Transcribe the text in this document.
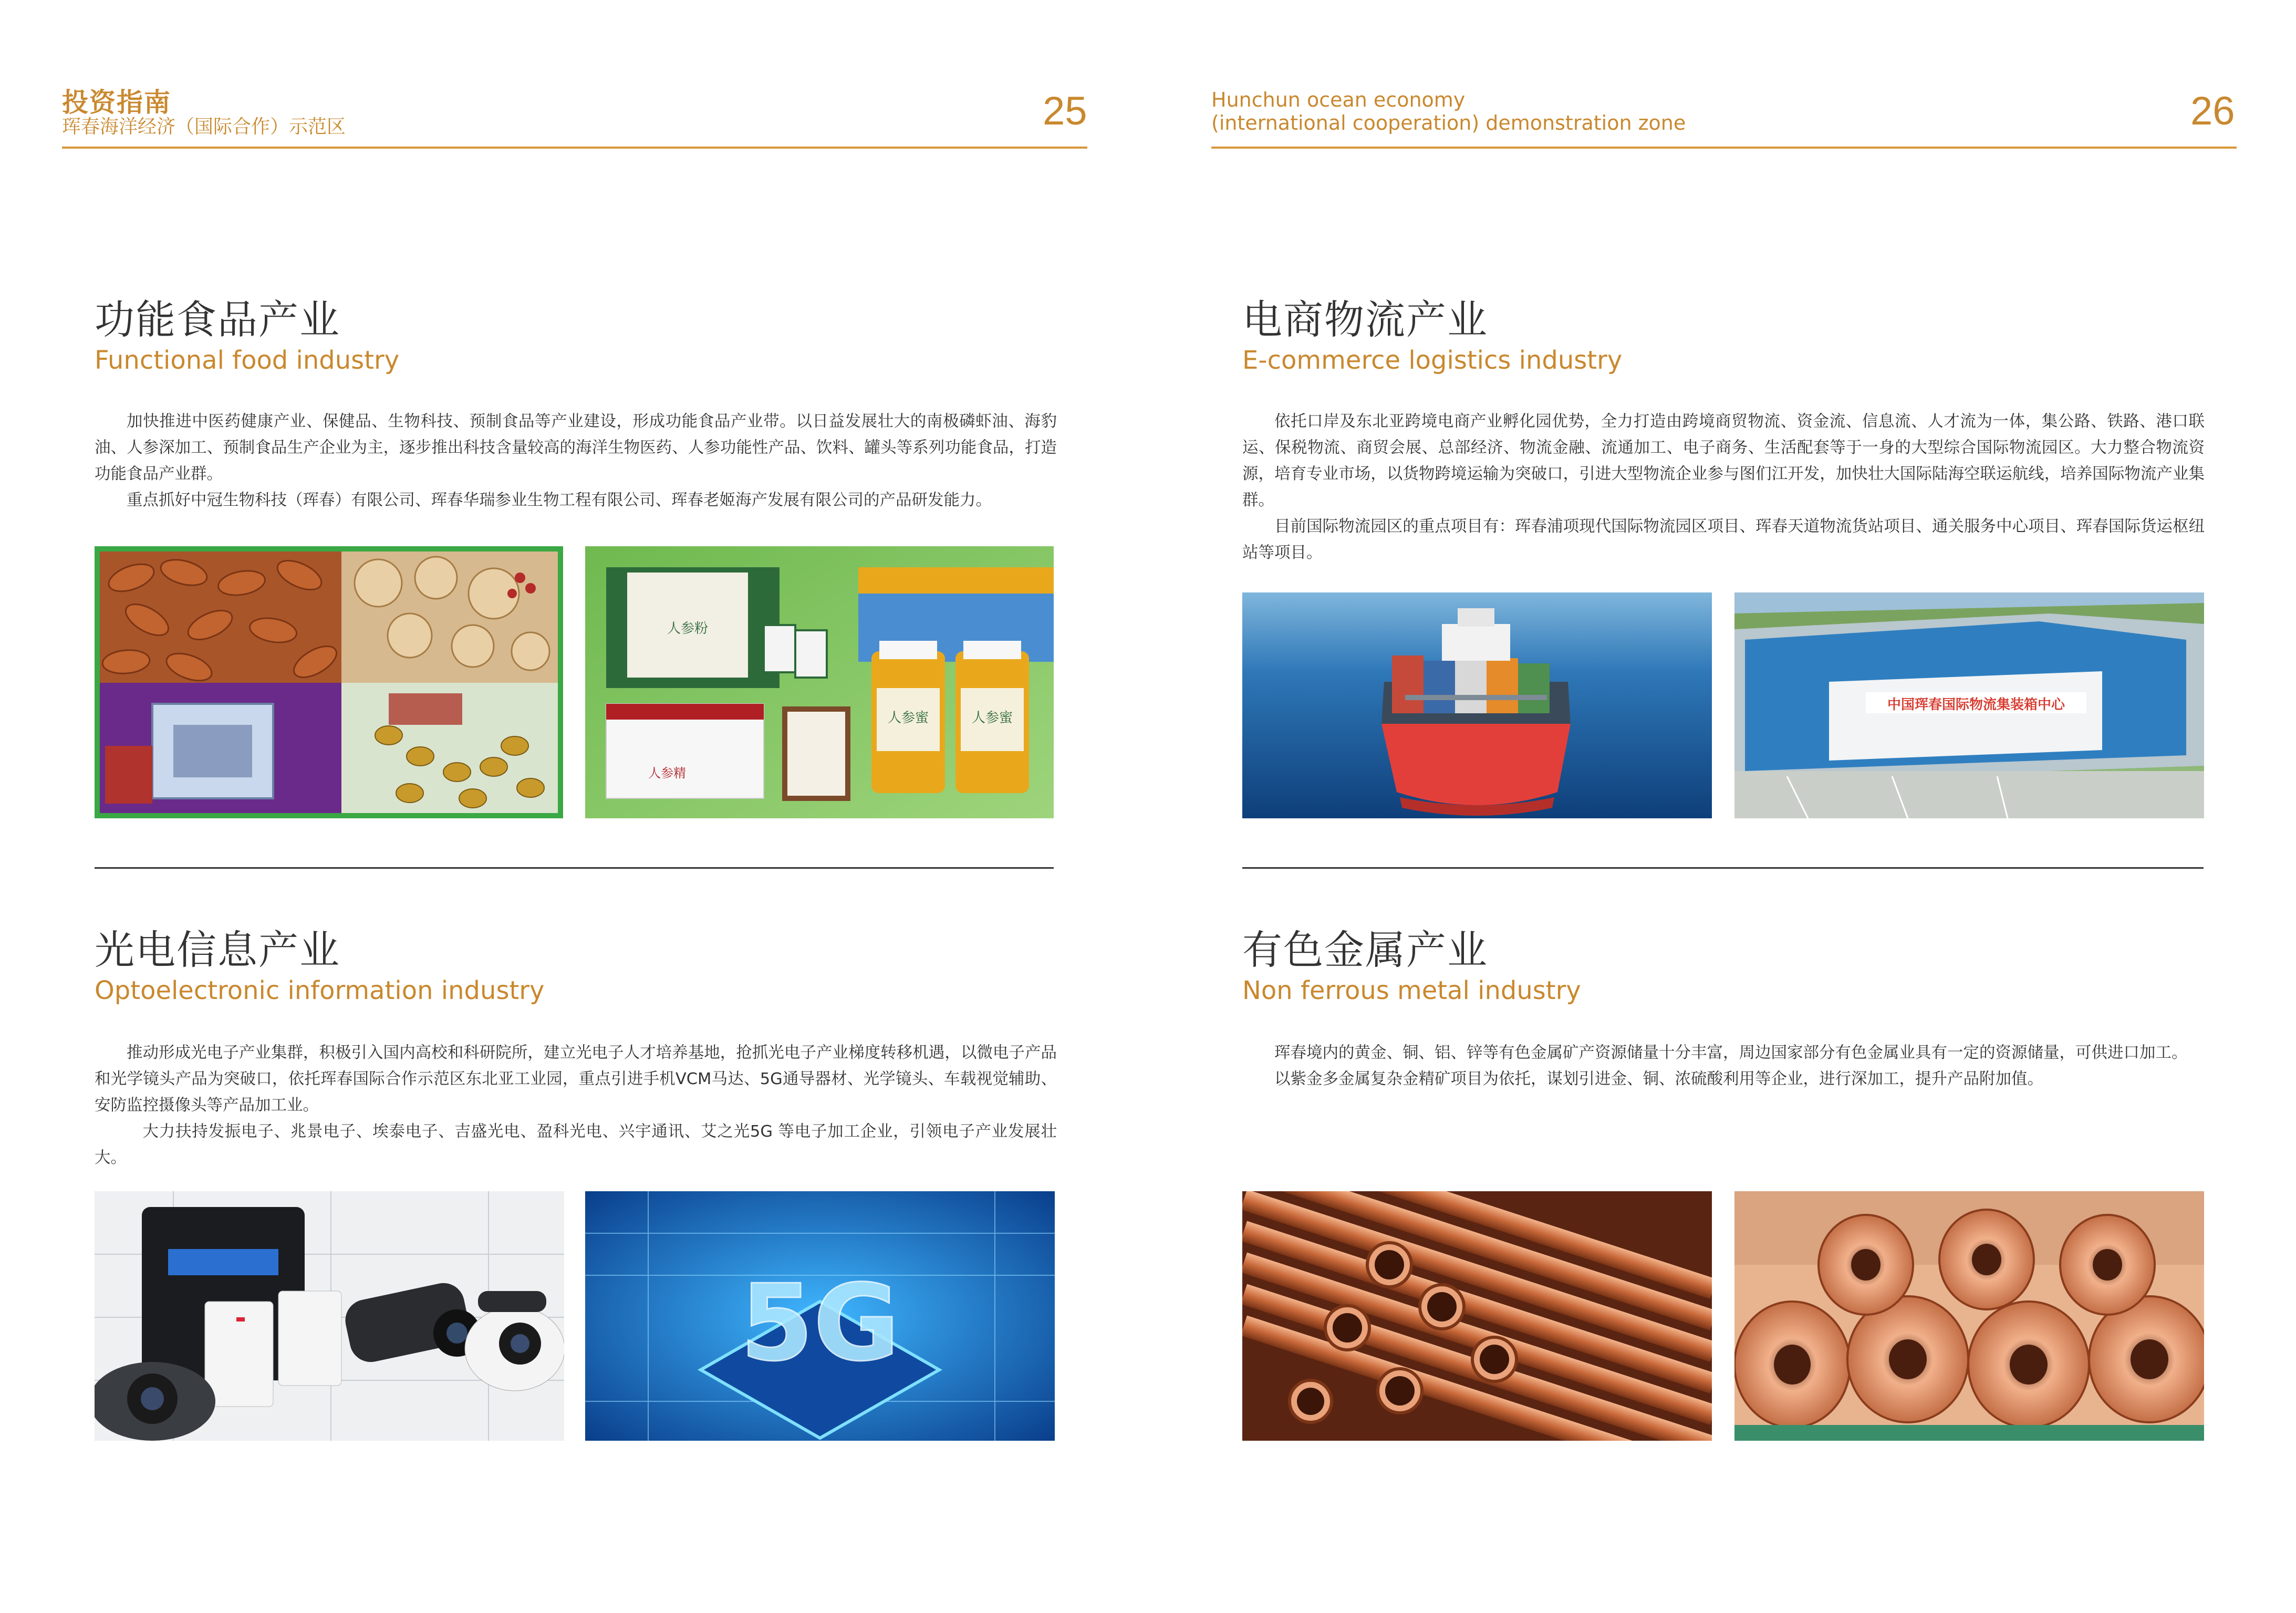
投资指南
珲春海洋经济（国际合作）示范区	25	Hunchun ocean economy
(international cooperation) demonstration zone	26
功能食品产业
Functional food industry

加快推进中医药健康产业、保健品、生物科技、预制食品等产业建设，形成功能食品产业带。以日益发展壮大的南极磷虾油、海豹油、人参深加工、预制食品生产企业为主，逐步推出科技含量较高的海洋生物医药、人参功能性产品、饮料、罐头等系列功能食品，打造功能食品产业群。

重点抓好中冠生物科技（珲春）有限公司、珲春华瑞参业生物工程有限公司、珲春老姬海产发展有限公司的产品研发能力。

人参粉
人参精
人参蜜	人参蜜
电商物流产业
E-commerce logistics industry

依托口岸及东北亚跨境电商产业孵化园优势，全力打造由跨境商贸物流、资金流、信息流、人才流为一体，集公路、铁路、港口联运、保税物流、商贸会展、总部经济、物流金融、流通加工、电子商务、生活配套等于一身的大型综合国际物流园区。大力整合物流资源，培育专业市场，以货物跨境运输为突破口，引进大型物流企业参与图们江开发，加快壮大国际陆海空联运航线，培养国际物流产业集群。

目前国际物流园区的重点项目有：珲春浦项现代国际物流园区项目、珲春天道物流货站项目、通关服务中心项目、珲春国际货运枢纽站等项目。

中国珲春国际物流集装箱中心
光电信息产业
Optoelectronic information industry

推动形成光电子产业集群，积极引入国内高校和科研院所，建立光电子人才培养基地，抢抓光电子产业梯度转移机遇，以微电子产品和光学镜头产品为突破口，依托珲春国际合作示范区东北亚工业园，重点引进手机VCM马达、5G通导器材、光学镜头、车载视觉辅助、安防监控摄像头等产品加工业。

大力扶持发振电子、兆景电子、埃泰电子、吉盛光电、盈科光电、兴宇通讯、艾之光5G 等电子加工企业，引领电子产业发展壮大。

5G
有色金属产业
Non ferrous metal industry

珲春境内的黄金、铜、铝、锌等有色金属矿产资源储量十分丰富，周边国家部分有色金属业具有一定的资源储量，可供进口加工。

以紫金多金属复杂金精矿项目为依托，谋划引进金、铜、浓硫酸利用等企业，进行深加工，提升产品附加值。
